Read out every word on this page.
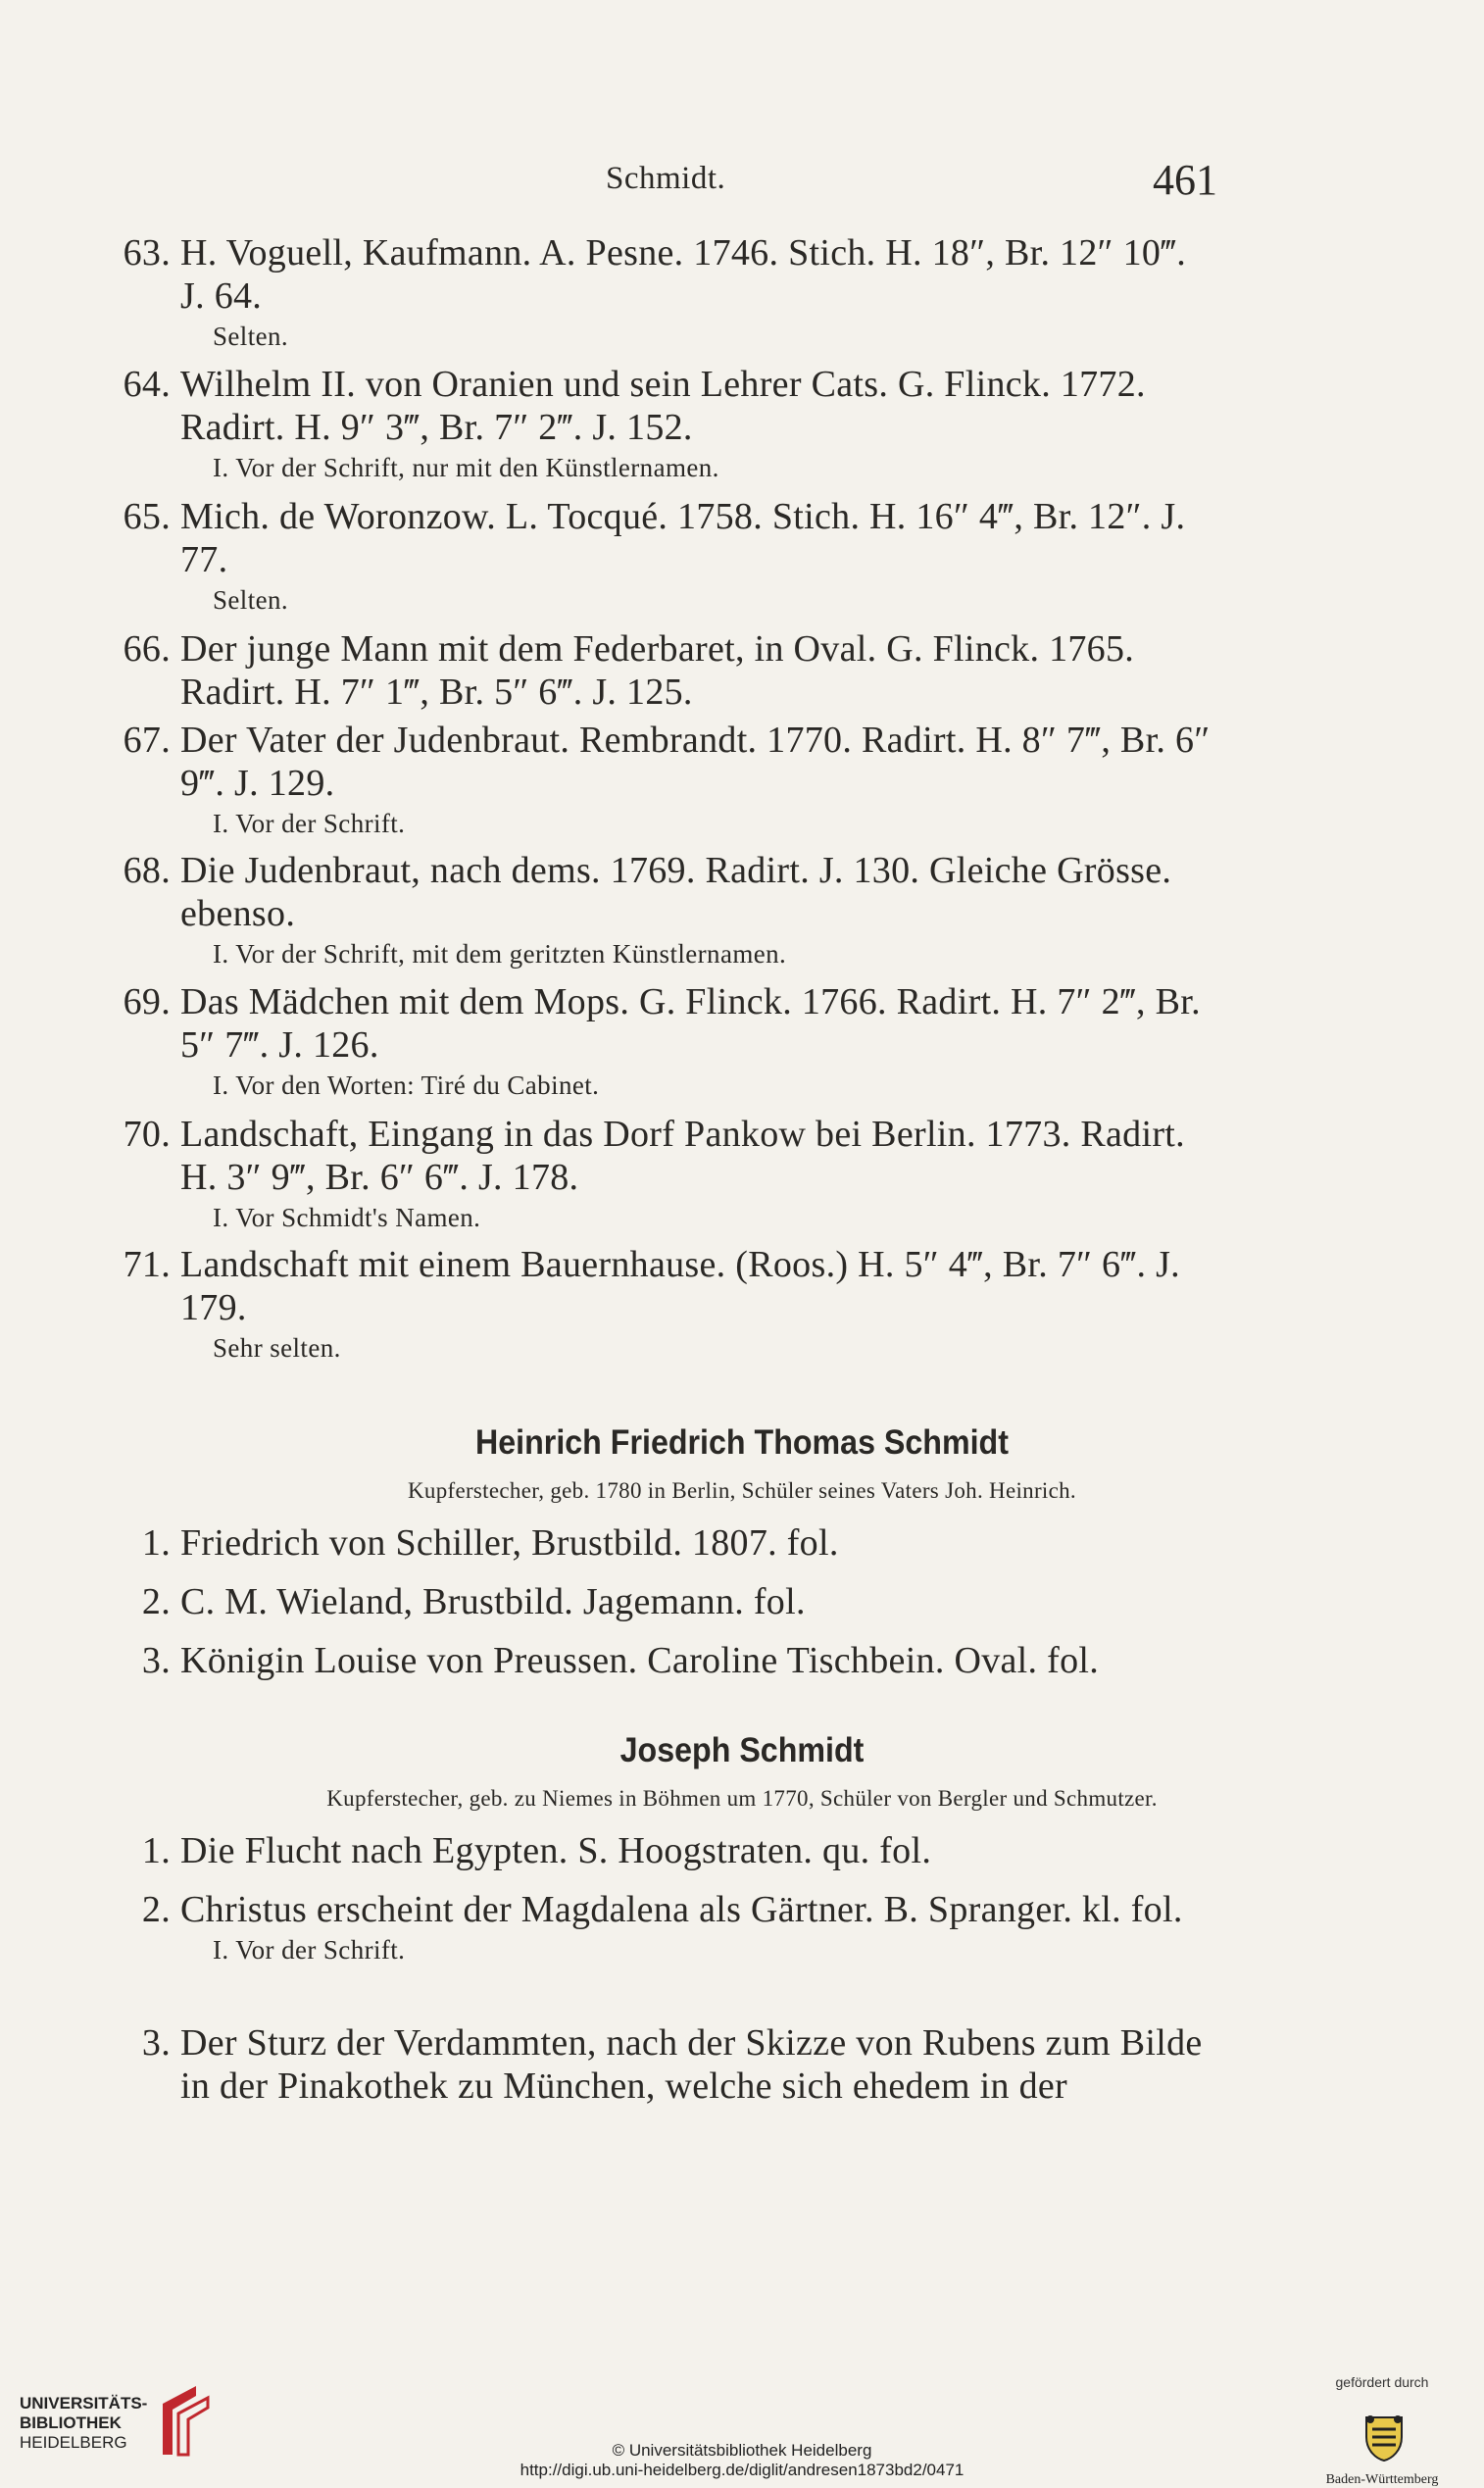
Schmidt.	461
63. H. Voguell, Kaufmann. A. Pesne. 1746. Stich. H. 18″, Br. 12″ 10‴. J. 64.
Selten.
64. Wilhelm II. von Oranien und sein Lehrer Cats. G. Flinck. 1772. Radirt. H. 9″ 3‴, Br. 7″ 2‴. J. 152.
I. Vor der Schrift, nur mit den Künstlernamen.
65. Mich. de Woronzow. L. Tocqué. 1758. Stich. H. 16″ 4‴, Br. 12″. J. 77.
Selten.
66. Der junge Mann mit dem Federbaret, in Oval. G. Flinck. 1765. Radirt. H. 7″ 1‴, Br. 5″ 6‴. J. 125.
67. Der Vater der Judenbraut. Rembrandt. 1770. Radirt. H. 8″ 7‴, Br. 6″ 9‴. J. 129.
I. Vor der Schrift.
68. Die Judenbraut, nach dems. 1769. Radirt. J. 130. Gleiche Grösse. ebenso.
I. Vor der Schrift, mit dem geritzten Künstlernamen.
69. Das Mädchen mit dem Mops. G. Flinck. 1766. Radirt. H. 7″ 2‴, Br. 5″ 7‴. J. 126.
I. Vor den Worten: Tiré du Cabinet.
70. Landschaft, Eingang in das Dorf Pankow bei Berlin. 1773. Radirt. H. 3″ 9‴, Br. 6″ 6‴. J. 178.
I. Vor Schmidt's Namen.
71. Landschaft mit einem Bauernhause. (Roos.) H. 5″ 4‴, Br. 7″ 6‴. J. 179.
Sehr selten.
Heinrich Friedrich Thomas Schmidt
Kupferstecher, geb. 1780 in Berlin, Schüler seines Vaters Joh. Heinrich.
1. Friedrich von Schiller, Brustbild. 1807. fol.
2. C. M. Wieland, Brustbild. Jagemann. fol.
3. Königin Louise von Preussen. Caroline Tischbein. Oval. fol.
Joseph Schmidt
Kupferstecher, geb. zu Niemes in Böhmen um 1770, Schüler von Bergler und Schmutzer.
1. Die Flucht nach Egypten. S. Hoogstraten. qu. fol.
2. Christus erscheint der Magdalena als Gärtner. B. Spranger. kl. fol.
I. Vor der Schrift.
3. Der Sturz der Verdammten, nach der Skizze von Rubens zum Bilde in der Pinakothek zu München, welche sich ehedem in der
UNIVERSITÄTS-
BIBLIOTHEK
HEIDELBERG	© Universitätsbibliothek Heidelberg
http://digi.ub.uni-heidelberg.de/diglit/andresen1873bd2/0471
gefördert durch
Baden-Württemberg
